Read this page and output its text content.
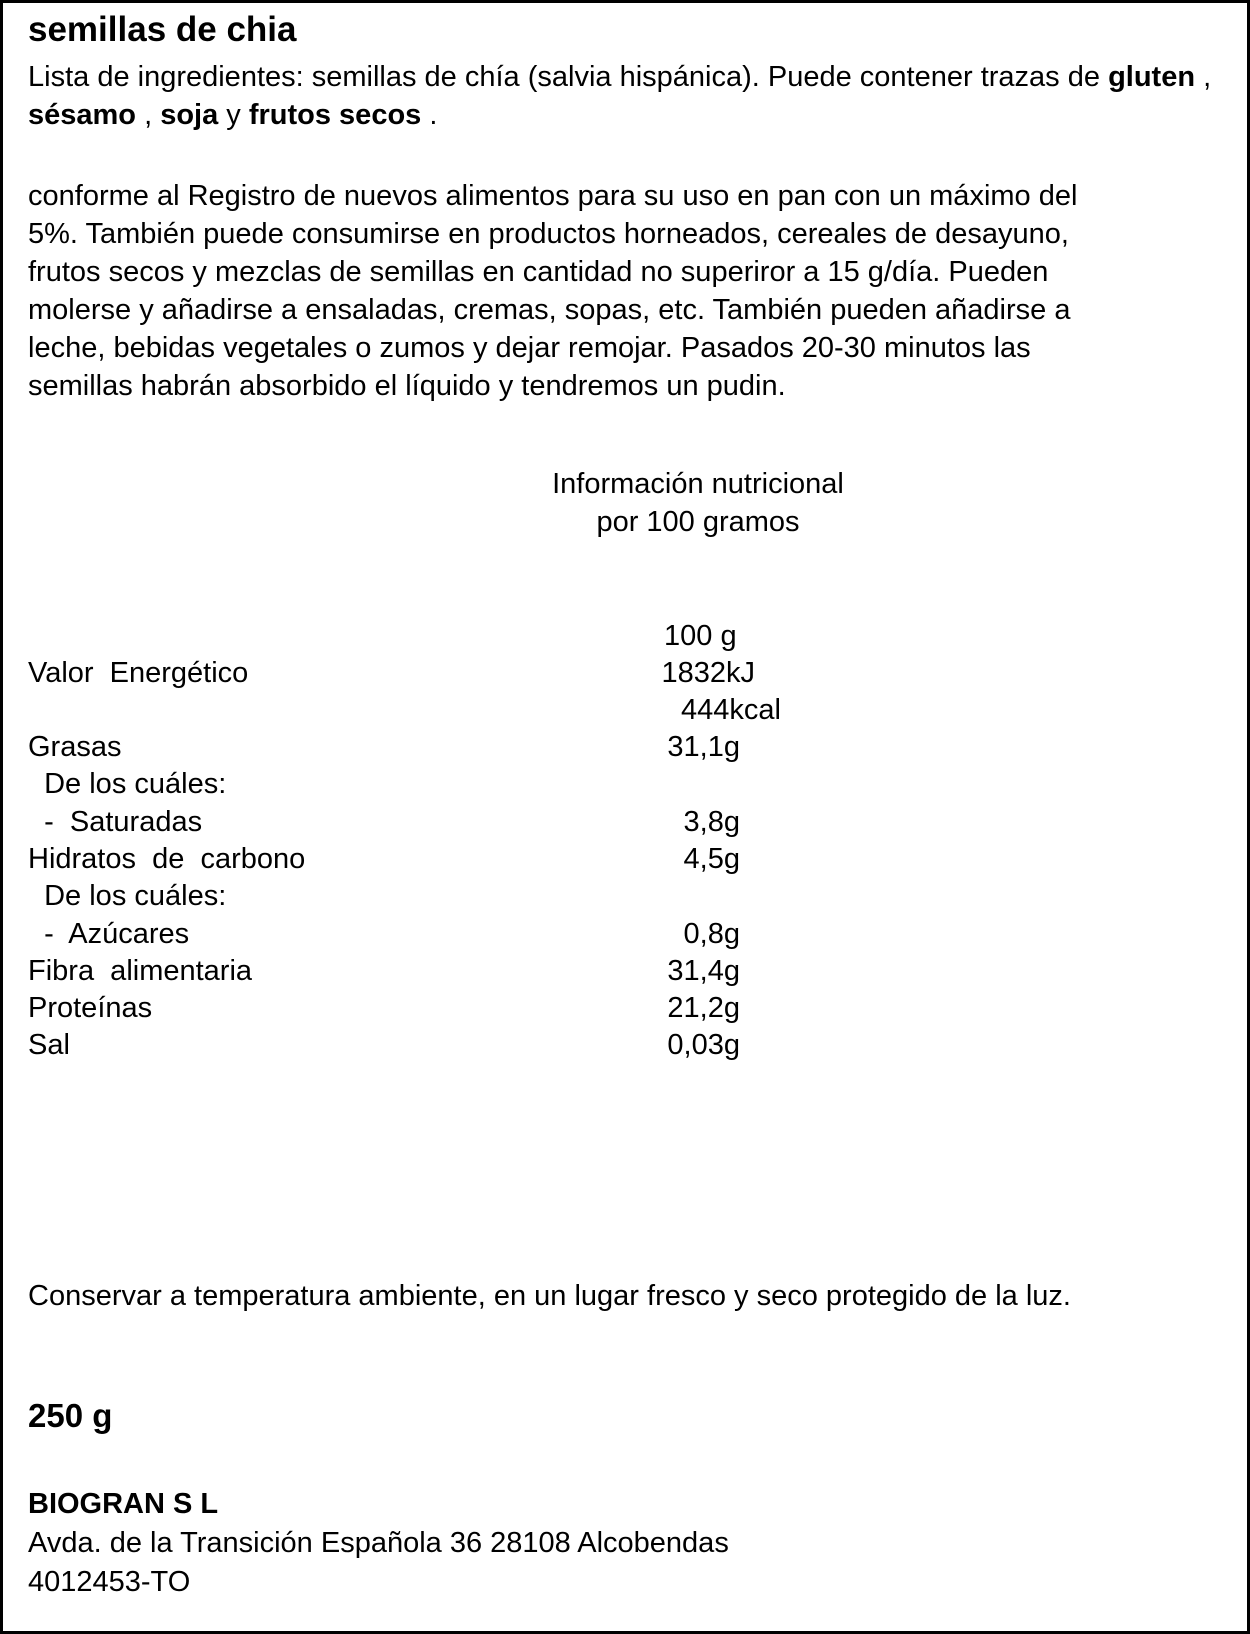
semillas de chia
Lista de ingredientes: semillas de chía (salvia hispánica). Puede contener trazas de gluten , sésamo , soja y frutos secos .
conforme al Registro de nuevos alimentos para su uso en pan con un máximo del
5%. También puede consumirse en productos horneados, cereales de desayuno,
frutos secos y mezclas de semillas en cantidad no superiror a 15 g/día. Pueden
molerse y añadirse a ensaladas, cremas, sopas, etc. También pueden añadirse a
leche, bebidas vegetales o zumos y dejar remojar. Pasados 20-30 minutos las
semillas habrán absorbido el líquido y tendremos un pudin.
Información nutricional
por 100 gramos
100 g
Valor  Energético	1832kJ
444kcal
Grasas	31,1g
De los cuáles:
-  Saturadas	3,8g
Hidratos  de  carbono	4,5g
De los cuáles:
-  Azúcares	0,8g
Fibra  alimentaria	31,4g
Proteínas	21,2g
Sal	0,03g
Conservar a temperatura ambiente, en un lugar fresco y seco protegido de la luz.
250 g
BIOGRAN S L
Avda. de la Transición Española 36 28108 Alcobendas
4012453-TO
